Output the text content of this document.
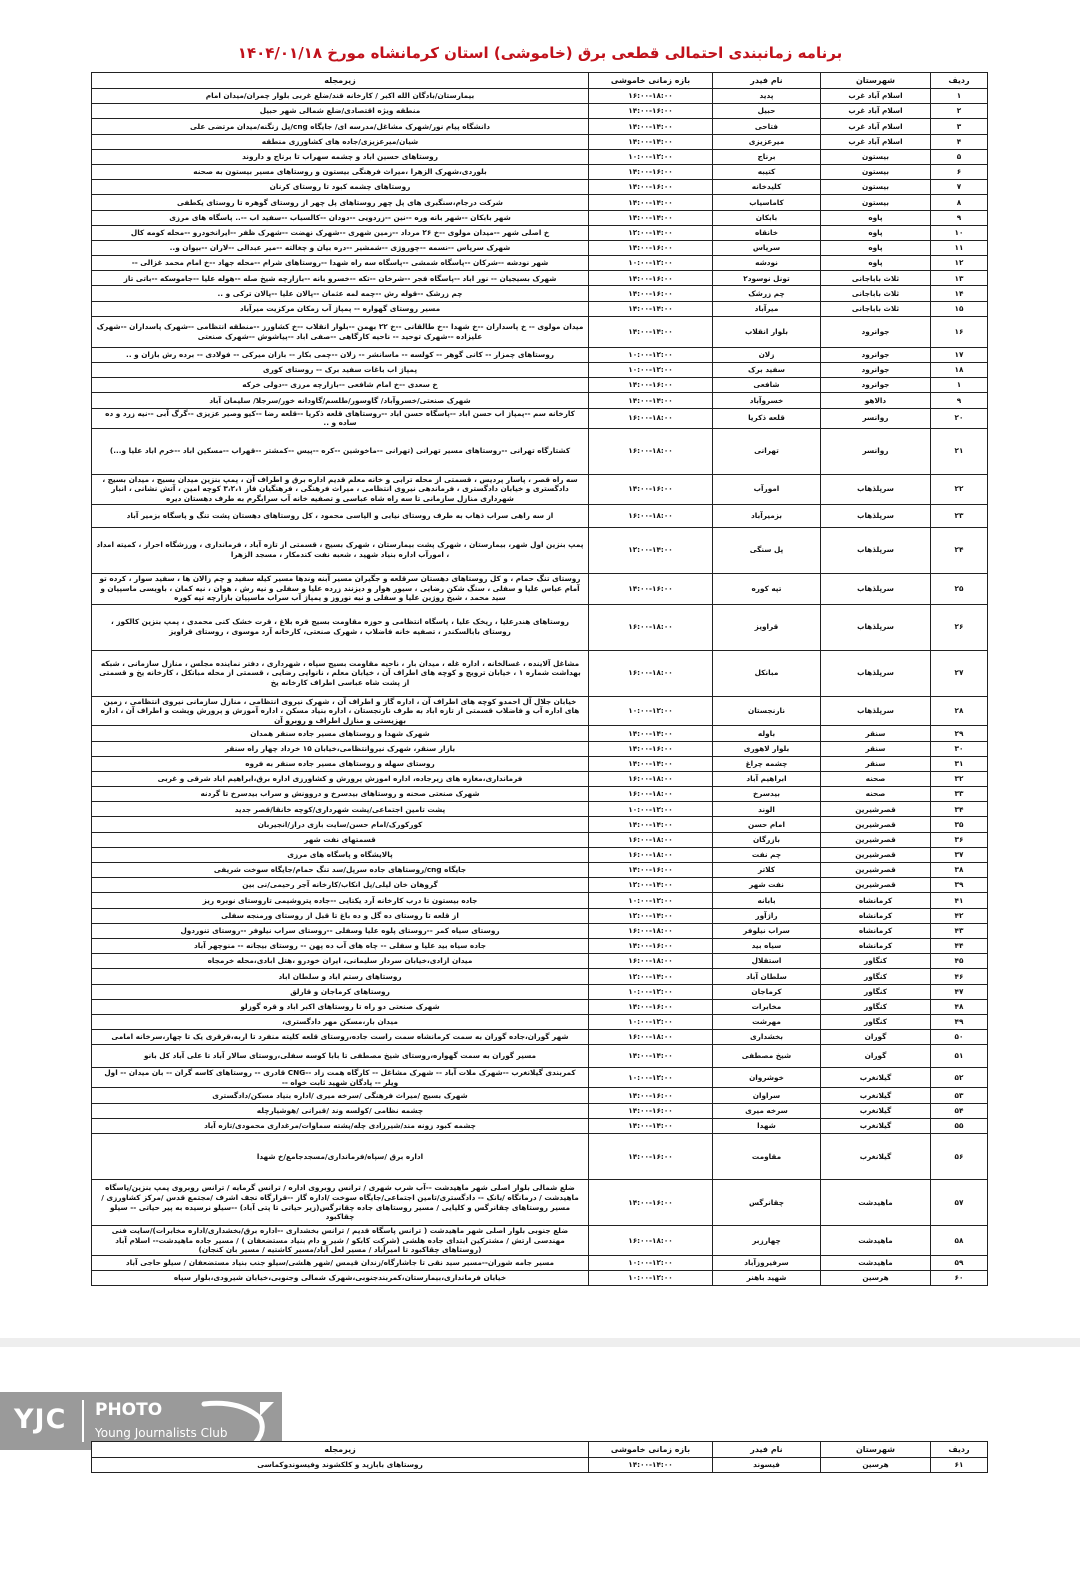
برنامه زمانبندی احتمالی قطعی برق (خاموشی) استان کرمانشاه مورخ ۱۴۰۴/۰۱/۱۸
ردیف	شهرستان	نام فیدر	بازه زمانی خاموشی	زیرمجله
۱	اسلام آباد غرب	پدید	۱۶:۰۰-۱۸:۰۰	بیمارستان/بادگان الله اکبر / کارخانه قند/ضلع غربی بلوار چمران/میدان امام
۲	اسلام آباد غرب	حبیل	۱۴:۰۰-۱۶:۰۰	منطقه ویژه اقتصادی/ضلع شمالی شهر حبیل
۳	اسلام آباد غرب	فتاحی	۱۴:۰۰-۱۴:۰۰	دانشگاه پیام نور/شهرک مشاغل/مدرسه ای/ جایگاه cng/پل زنگنه/میدان مرتضی علی
۴	اسلام آباد غرب	میرعزیزی	۱۴:۰۰-۱۴:۰۰	شیان/میرعزیزی/جاده های کشاورزی منطقه
۵	بیستون	برناج	۱۰:۰۰-۱۲:۰۰	روستاهای حسین اباد و چشمه سهراب تا برناج و داروند
۶	بیستون	کتیبه	۱۴:۰۰-۱۶:۰۰	بلوردی،شهرک الزهرا ،میراث فرهنگی بیستون و روستاهای مسیر بیستون به صحنه
۷	بیستون	کلیدخانه	۱۴:۰۰-۱۶:۰۰	روستاهای چشمه کبود تا روستای کرنان
۸	بیستون	کاماسیاب	۱۴:۰۰-۱۴:۰۰	شرکت درجام،سنگبری های پل چهر روستاهای پل چهر از روستای گوهره تا روستای یکطفی
۹	پاوه	بابکان	۱۴:۰۰-۱۴:۰۰	شهر بابکان --شهر بانه وره --نین --زردویی --دودان --کالسیاب --سفید اب --.. پاسگاه های مرزی
۱۰	پاوه	خانقاه	۱۲:۰۰-۱۴:۰۰	خ اصلی شهر --میدان مولوی --خ ۲۶ مرداد --زمین شهری --شهرک نهضت --شهرک ظفر --ایرانخودرو --محله کومه کال
۱۱	پاوه	سرپاس	۱۴:۰۰-۱۶:۰۰	شهرک سرپاس --نسمه --چوروژی --شمشیر --دره بیان و چغالته --میر عبدالی --لاران --بیوان و..
۱۲	پاوه	نودشه	۱۰:۰۰-۱۲:۰۰	شهر نودشه --شرکان --پاسگاه شمشی --پاسگاه سه راه شهدا --روستاهای شرام --محله جهاد --خ امام محمد غزالی --
۱۳	ثلاث باباجانی	تونل نوسود۲	۱۴:۰۰-۱۶:۰۰	شهرک بسیجیان -- نور اباد --پاسگاه فجر --شرخان --تکه --خسرو بانه --بازارچه شیخ صله --هوله علیا --جاموسکه --باتی تاز
۱۴	ثلاث باباجانی	چم زرشک	۱۴:۰۰-۱۶:۰۰	چم زرشک --قوله رش --چمه لمه عثمان --پالان علیا --پالان ترکی و ..
۱۵	ثلاث باباجانی	میرآباد	۱۴:۰۰-۱۴:۰۰	مسیر روستای گهواره -- پمپاژ آب زمکان مرکزیت میرآباد
۱۶	جوانرود	بلوار انقلاب	۱۴:۰۰-۱۴:۰۰	میدان مولوی -- خ پاسداران --خ شهدا --خ طالقانی --خ ۲۲ بهمن --بلوار انقلاب --خ کشاورز --منطقه انتظامی --شهرک پاسداران --شهرک علیزاده --شهرک توحید -- ناحیه کارگاهی --صفی اباد --پیاشوش --شهرک صنعتی
۱۷	جوانرود	زلان	۱۰:۰۰-۱۲:۰۰	روستاهای چمزار -- کانی گوهر -- کولسه -- ماسانشر -- زلان --چمی بکار -- بازان میرکی -- فولادی -- برده رش بازان و ..
۱۸	جوانرود	سفید برک	۱۰:۰۰-۱۲:۰۰	پمپاژ اب باغات سفید برک -- روستای کوری
۱	جوانرود	شافعی	۱۴:۰۰-۱۶:۰۰	خ سعدی --خ امام شافعی --بازارچه مرزی --دولی خرکه
۹	دالاهو	خسروآباد	۱۴:۰۰-۱۴:۰۰	شهرک صنعتی/خسروآباد/ گاوسور/طلسم/گاودانه خور/سرجلا/ سلیمان آباد
۲۰	روانسر	قلعه ذکریا	۱۶:۰۰-۱۸:۰۰	کارخانه سم --پمپاژ اب حسن اباد --پاسگاه حسن اباد --روستاهای قلعه ذکریا --قلعه رضا --کیو وصیر عزیزی --گرگ آبی --نیه زرد و ده ساده و ..
۲۱	روانسر	تهرانی	۱۶:۰۰-۱۸:۰۰	کشتارگاه تهرانی --روستاهای مسیر تهرانی (تهرانی --ماخوشین --کره --پیس --کمشتر --قهراب --مسکین اباد --خرم اباد علیا و...)
۲۲	سرپلذهاب	امورآب	۱۴:۰۰-۱۶:۰۰	سه راه قصر ، پاسار پردیس ، قسمتی از محله ترابی و خانه معلم قدیم اداره برق و اطراف آن ، پمپ بنزین میدان بسیج ، میدان بسیج ، دادگستری و خیابان دادگستری ، فرماندهی نیروی انتظامی ، میراث فرهنگی ، فرهنگیان فاز ۳،۲،۱ کوچه امین ، آتش نشانی ، انبار شهرداری منازل سازمانی تا سه راه شاه عباسی و تصفیه خانه آب سرابگرم به طرف دهستان دیره
۲۳	سرپلذهاب	بزمیرآباد	۱۶:۰۰-۱۸:۰۰	از سه راهی سراب ذهاب به طرف روستای نیابی و الیاسی محمود ، کل روستاهای دهستان پشت تنگ و پاسگاه بزمیر آباد
۲۴	سرپلذهاب	پل سنگی	۱۲:۰۰-۱۴:۰۰	پمپ بنزین اول شهر، بیمارستان ، شهرک پشت بیمارستان ، شهرک بسیج ، قسمتی از تازه آباد ، فرمانداری ، ورزشگاه احرار ، کمیته امداد ، امورآب اداره بنیاد شهید ، شعبه نفت کندمکار ، مسجد الزهرا
۲۵	سرپلذهاب	تپه کوره	۱۴:۰۰-۱۶:۰۰	روستای تنگ حمام ، و کل روستاهای دهستان سرقلعه و جگیران مسیر آبنه وندها مسیر کیله سفید و چم زالان ها ، سفید سوار ، کرده تو آمام عباس علیا و سفلی ، سنگ شکن رضایی ، سیور هوار و دیزنند زرده علیا و سفلی و نیه رش ، هوان ، نیه کمان ، باویسی ماسپیان و سید محمد ، شیخ روژین علیا و سفلی و نیه نوروز و پمپاژ آب سراب ماسپیان بازارچه تپه کوره
۲۶	سرپلذهاب	قراویز	۱۶:۰۰-۱۸:۰۰	روستاهای هندرعلیا ، ریخک علیا ، پاسگاه انتظامی و حوزه مقاومت بسیج قره بلاغ ، قرت خشک کنی محمدی ، پمپ بنزین کالکوز ، روستای بابالسکندر ، تصفیه خانه فاضلاب ، شهرک صنعتی، کارخانه آرد موسوی ، روستای قراویز
۲۷	سرپلذهاب	مبانکل	۱۶:۰۰-۱۸:۰۰	مشاغل آلاینده ، غسالخانه ، اداره غله ، میدان بار ، ناحیه مقاومت بسیج سپاه ، شهرداری ، دفتر نماینده مجلس ، منازل سازمانی ، شبکه بهداشت شماره ۱ ، خیابان ترویج و کوچه های اطراف آن ، خیابان معلم ، نانوایی رضایی ، قسمتی از محله مبانکل ، کارخانه یخ و قسمتی از پشت شاه عباسی اطراف کارخانه یخ
۲۸	سرپلذهاب	نارنجستان	۱۰:۰۰-۱۲:۰۰	خیابان جلال آل احمدو کوچه های اطراف آن ، اداره گاز و اطراف آن ، شهرک نیروی انتظامی ، منازل سازمانی نیروی انتظامی ، زمین های اداره آب و فاضلاب قسمتی از تازه اباد به طرف نارنجستان ، اداره بنیاد مسکن ، اداره آموزش و پرورش وپشت و اطراف آن ، اداره بهزیستی و منازل اطراف و روبرو آن
۲۹	سنقر	باوله	۱۴:۰۰-۱۴:۰۰	شهرک شهدا و روستاهای مسیر جاده سنقر همدان
۳۰	سنقر	بلوار لاهوری	۱۴:۰۰-۱۶:۰۰	بازار سنقر، شهرک نیروانتظامی،خیابان ۱۵ خرداد چهار راه سنقر
۳۱	سنقر	چشمه چراغ	۱۴:۰۰-۱۴:۰۰	روستای سهله و روستاهای مسیر جاده سنقر به فروه
۳۲	صحنه	ابراهیم آباد	۱۶:۰۰-۱۸:۰۰	فرمانداری،مغازه های زیرجاده، اداره اموزش پرورش و کشاورزی اداره برق،ابراهیم اباد شرقی و غربی
۳۳	صحنه	بیدسرخ	۱۶:۰۰-۱۸:۰۰	شهرک صنعتی صحنه و روستاهای بیدسرخ و دروونش و سراب بیدسرخ تا گردنه
۳۴	قصرشیرین	الوند	۱۰:۰۰-۱۲:۰۰	پشت تامین اجتماعی/پشت شهرداری/کوچه خانقا/قصر جدید
۳۵	قصرشیرین	امام حسن	۱۴:۰۰-۱۴:۰۰	کورکورک/امام حسن/سایت بازی دراز/انجیربان
۳۶	قصرشیرین	بازرگان	۱۶:۰۰-۱۸:۰۰	قسمتهای نفت شهر
۳۷	قصرشیرین	چم نفت	۱۶:۰۰-۱۸:۰۰	پالایشگاه و پاسگاه های مرزی
۳۸	قصرشیرین	کلاتر	۱۴:۰۰-۱۶:۰۰	جایگاه cng/روستاهای جاده سرپل/سد تنگ حمام/جایگاه سوخت شریفی
۳۹	قصرشیرین	نفت شهر	۱۲:۰۰-۱۴:۰۰	گروهان خان لیلی/پل انکاب/کارخانه آجر رحیمی/نی بین
۴۱	کرمانشاه	بابانه	۱۰:۰۰-۱۲:۰۰	جاده بیستون تا درب کارخانه آرد یکتایی --جاده پتروشیمی تاروستای نوبره ریز
۴۲	کرمانشاه	راژآور	۱۲:۰۰-۱۴:۰۰	از قلعه تا روستای ده گل و ده باغ تا قبل از روستای ورمنجه سفلی
۴۳	کرمانشاه	سراب نیلوفر	۱۶:۰۰-۱۸:۰۰	روستای سیاه کمر --روستای پلوه علیا وسفلی --روستای سراب نیلوفر --روستای تنوردول
۴۴	کرمانشاه	سیاه بید	۱۴:۰۰-۱۶:۰۰	جاده سیاه بید علیا و سفلی -- چاه های آب ده پهن -- روستای بیجانه -- منوچهر آباد
۴۵	کنگاور	استقلال	۱۶:۰۰-۱۸:۰۰	میدان ازادی،خیابان سردار سلیمانی، ایران خودرو ،هتل ابادی،محله خرمجاه
۴۶	کنگاور	سلطان آباد	۱۲:۰۰-۱۴:۰۰	روستاهای رستم اباد و سلطان اباد
۴۷	کنگاور	کرماجان	۱۰:۰۰-۱۲:۰۰	روستاهای کرماجان و قارلق
۴۸	کنگاور	مخابرات	۱۴:۰۰-۱۶:۰۰	شهرک صنعتی دو راه تا روستاهای اکبر اباد و قره گوزلو
۴۹	کنگاور	مهرشت	۱۰:۰۰-۱۲:۰۰	میدان بار،مسکن مهر دادگستری،
۵۰	گوران	بخشداری	۱۶:۰۰-۱۸:۰۰	شهر گوران،جاده گوران به سمت کرمانشاه سمت راست جاده،روستای قلعه کلیته منفرد تا اربه،قرقری یک تا چهار،سرخانه امامی
۵۱	گوران	شیخ مصطفی	۱۴:۰۰-۱۴:۰۰	مسیر گوران به سمت گهواره،روستای شیخ مصطفی تا بابا کوسه سفلی،روستای سالار آباد تا علی آباد کل بانو
۵۲	گیلانغرب	خوشروان	۱۰:۰۰-۱۲:۰۰	کمربندی گیلانغرب --شهرک ملات آباد -- شهرک مشاغل -- کارگاه همت زاد --CNG قادری -- روستاهای کاسه گران -- بان میدان -- اول ویلر -- پادگان شهید ثابت خواه --
۵۳	گیلانغرب	سراوان	۱۴:۰۰-۱۶:۰۰	شهرک بسیج /میراث فرهنگی /سرخه میری /اداره بنیاد مسکن/دادگستری
۵۴	گیلانغرب	سرخه میری	۱۴:۰۰-۱۶:۰۰	چشمه نظامی /کولسه وند /قبرانی /هوشیارچله
۵۵	گیلانغرب	شهدا	۱۴:۰۰-۱۴:۰۰	چشمه کبود زونه مند/شیرزادی چله/پشته سماوات/مرغداری محمودی/تازه آباد
۵۶	گیلانغرب	مقاومت	۱۴:۰۰-۱۶:۰۰	اداره برق /سپاه/فرمانداری/مسجدجامع/خ شهدا
۵۷	ماهیدشت	چقانرگس	۱۴:۰۰-۱۶:۰۰	ضلع شمالی بلوار اصلی شهر ماهیدشت --آب شرب شهری / ترانس روبروی اداره / ترانس گرمابه / ترانس روبروی پمپ بنزین/پاسگاه ماهیدشت / درمانگاه /بانک -- دادگستری/تامین اجتماعی/جایگاه سوخت /اداره گاز --قرارگاه نجف اشرف /مجتمع قدس /مرکز کشاورزی / مسیر روستاهای چقانرگس و کلیایی / مسیر روستاهای جاده چقانرگس(زیر حیاتی تا پتی آباد) --سیلو نرسیده به پیر حیاتی -- سیلو چقاکبود
۵۸	ماهیدشت	چهارزبر	۱۶:۰۰-۱۸:۰۰	ضلع جنوبی بلوار اصلی شهر ماهیدشت ( ترانس پاسگاه قدیم / ترانس بخشداری --اداره برق/بخشداری/اداره مخابرات)/سایت فنی مهندسی ارتش / مشترکین ابتدای جاده هلشی (شرکت کابکو / شیر و دام بنیاد مستضعفان ) / مسیر جاده ماهیدشت-- اسلام آباد (روستاهای چقاکبود تا امیرآباد / مسیر لعل آباد/مسیر کاشتیه / مسیر بان کنجان)
۵۹	ماهیدشت	سرفیروزآباد	۱۰:۰۰-۱۲:۰۰	مسیر جامه شوران--مسیر سید نقی تا جاشارگاه/زندان قیمس /شهر هلشی/سیلو جنب بنیاد مستضعفان / سیلو حاجی آباد
۶۰	هرسین	شهید باهنر	۱۰:۰۰-۱۲:۰۰	خیابان فرمانداری،بیمارستان،کمربندجنوبی،شهرک شمالی وجنوبی،خیابان شیرودی،بلوار سپاه
YJC PHOTO
Young Journalists Club
ردیف	شهرستان	نام فیدر	بازه زمانی خاموشی	زیرمجله
۶۱	هرسین	فیسوند	۱۴:۰۰-۱۴:۰۰	روستاهای بابازید و کلکشوند وفیسوندوکماسی
